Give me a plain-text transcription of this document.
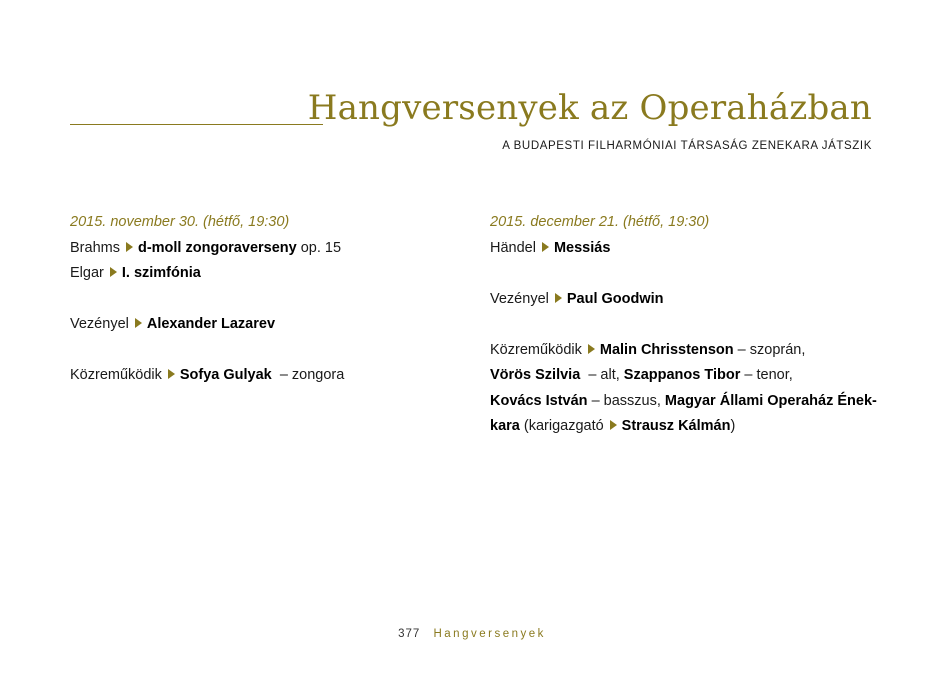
Hangversenyek az Operaházban
A BUDAPESTI FILHARMÓNIAI TÁRSASÁG ZENEKARA JÁTSZIK
2015. november 30. (hétfő, 19:30)
Brahms d-moll zongoraverseny op. 15
Elgar I. szimfónia
Vezényel Alexander Lazarev
Közreműködik Sofya Gulyak – zongora
2015. december 21. (hétfő, 19:30)
Händel Messiás
Vezényel Paul Goodwin
Közreműködik Malin Chrisstenson – szoprán,
Vörös Szilvia – alt, Szappanos Tibor – tenor,
Kovács István – basszus, Magyar Állami Operaház Ének-
kara (karigazgató Strausz Kálmán)
377 Hangversenyek
